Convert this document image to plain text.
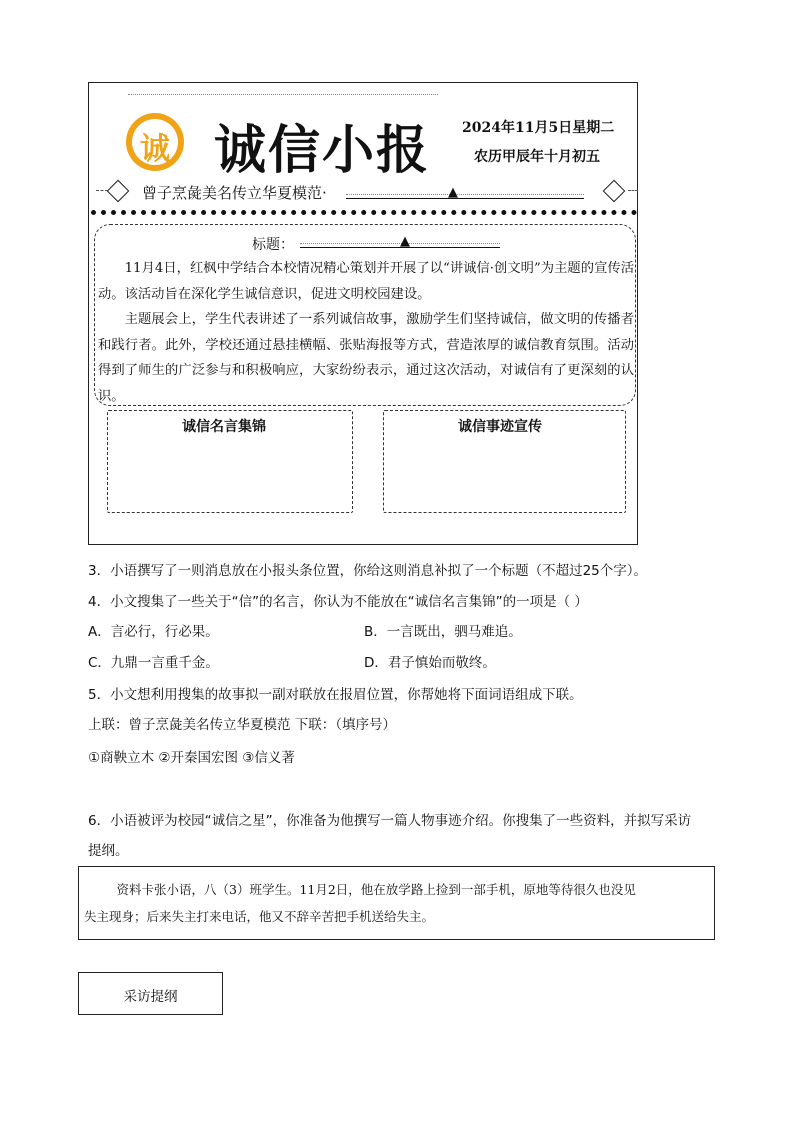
诚 诚信小报 2024年11月5日星期二
农历甲辰年十月初五
曾子烹彘美名传立华夏模范·	▲
标题：	▲

11月4日，红枫中学结合本校情况精心策划并开展了以“讲诚信·创文明”为主题的宣传活动。该活动旨在深化学生诚信意识，促进文明校园建设。

主题展会上，学生代表讲述了一系列诚信故事，激励学生们坚持诚信，做文明的传播者和践行者。此外，学校还通过悬挂横幅、张贴海报等方式，营造浓厚的诚信教育氛围。活动得到了师生的广泛参与和积极响应，大家纷纷表示，通过这次活动，对诚信有了更深刻的认识。

诚信名言集锦	诚信事迹宣传
3．小语撰写了一则消息放在小报头条位置，你给这则消息补拟了一个标题（不超过25个字）。
4．小文搜集了一些关于“信”的名言，你认为不能放在“诚信名言集锦”的一项是（ ）
A．言必行，行必果。	B．一言既出，驷马难追。
C．九鼎一言重千金。	D．君子慎始而敬终。
5．小文想利用搜集的故事拟一副对联放在报眉位置，你帮她将下面词语组成下联。
上联：曾子烹彘美名传立华夏模范 下联：（填序号）
①商鞅立木 ②开秦国宏图 ③信义著
6．小语被评为校园“诚信之星”，你准备为他撰写一篇人物事迹介绍。你搜集了一些资料，并拟写采访
提纲。

资料卡张小语，八（3）班学生。11月2日，他在放学路上捡到一部手机，原地等待很久也没见

失主现身；后来失主打来电话，他又不辞辛苦把手机送给失主。
采访提纲
